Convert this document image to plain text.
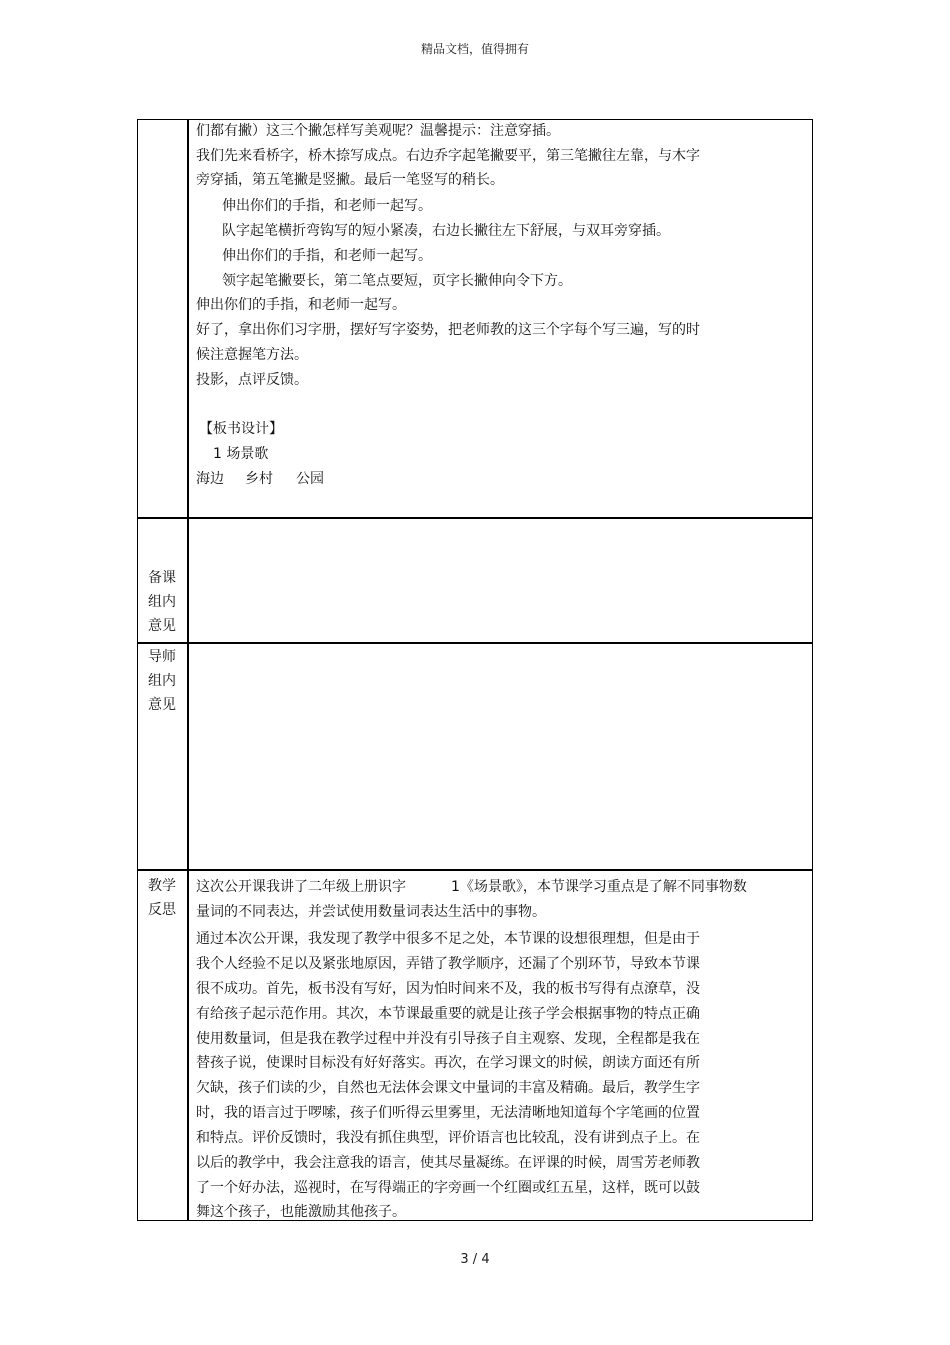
精品文档，值得拥有
们都有撇）这三个撇怎样写美观呢？温馨提示：注意穿插。
我们先来看桥字，桥木捺写成点。右边乔字起笔撇要平，第三笔撇往左靠，与木字
旁穿插，第五笔撇是竖撇。最后一笔竖写的稍长。
伸出你们的手指，和老师一起写。
队字起笔横折弯钩写的短小紧凑，右边长撇往左下舒展，与双耳旁穿插。
伸出你们的手指，和老师一起写。
领字起笔撇要长，第二笔点要短，页字长撇伸向令下方。
伸出你们的手指，和老师一起写。
好了，拿出你们习字册，摆好写字姿势，把老师教的这三个字每个写三遍，写的时
候注意握笔方法。
投影，点评反馈。
【板书设计】
1 场景歌
海边 乡村 公园
备课
组内
意见
导师
组内
意见
教学
反思
这次公开课我讲了二年级上册识字	1《场景歌》，本节课学习重点是了解不同事物数
量词的不同表达，并尝试使用数量词表达生活中的事物。
通过本次公开课，我发现了教学中很多不足之处，本节课的设想很理想，但是由于
我个人经验不足以及紧张地原因，弄错了教学顺序，还漏了个别环节，导致本节课
很不成功。首先，板书没有写好，因为怕时间来不及，我的板书写得有点潦草，没
有给孩子起示范作用。其次，本节课最重要的就是让孩子学会根据事物的特点正确
使用数量词，但是我在教学过程中并没有引导孩子自主观察、发现，全程都是我在
替孩子说，使课时目标没有好好落实。再次，在学习课文的时候，朗读方面还有所
欠缺，孩子们读的少，自然也无法体会课文中量词的丰富及精确。最后，教学生字
时，我的语言过于啰嗦，孩子们听得云里雾里，无法清晰地知道每个字笔画的位置
和特点。评价反馈时，我没有抓住典型，评价语言也比较乱，没有讲到点子上。在
以后的教学中，我会注意我的语言，使其尽量凝练。在评课的时候，周雪芳老师教
了一个好办法，巡视时，在写得端正的字旁画一个红圈或红五星，这样，既可以鼓
舞这个孩子，也能激励其他孩子。
3 / 4
